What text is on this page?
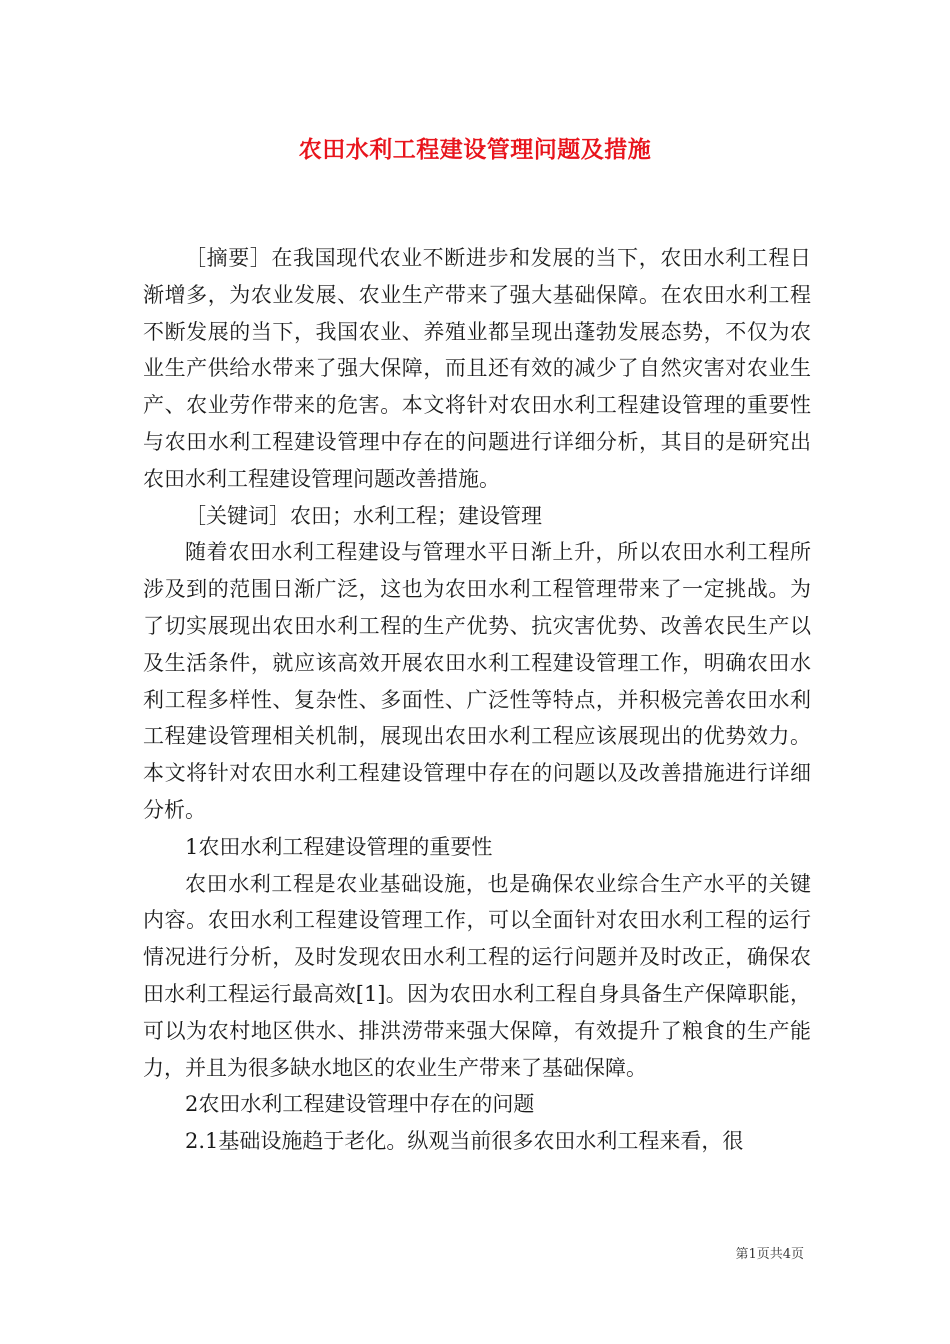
农田水利工程建设管理问题及措施

［摘要］在我国现代农业不断进步和发展的当下，农田水利工程日渐增多，为农业发展、农业生产带来了强大基础保障。在农田水利工程不断发展的当下，我国农业、养殖业都呈现出蓬勃发展态势，不仅为农业生产供给水带来了强大保障，而且还有效的减少了自然灾害对农业生产、农业劳作带来的危害。本文将针对农田水利工程建设管理的重要性与农田水利工程建设管理中存在的问题进行详细分析，其目的是研究出农田水利工程建设管理问题改善措施。

［关键词］农田；水利工程；建设管理

随着农田水利工程建设与管理水平日渐上升，所以农田水利工程所涉及到的范围日渐广泛，这也为农田水利工程管理带来了一定挑战。为了切实展现出农田水利工程的生产优势、抗灾害优势、改善农民生产以及生活条件，就应该高效开展农田水利工程建设管理工作，明确农田水利工程多样性、复杂性、多面性、广泛性等特点，并积极完善农田水利工程建设管理相关机制，展现出农田水利工程应该展现出的优势效力。本文将针对农田水利工程建设管理中存在的问题以及改善措施进行详细分析。

1农田水利工程建设管理的重要性

农田水利工程是农业基础设施，也是确保农业综合生产水平的关键内容。农田水利工程建设管理工作，可以全面针对农田水利工程的运行情况进行分析，及时发现农田水利工程的运行问题并及时改正，确保农田水利工程运行最高效[1]。因为农田水利工程自身具备生产保障职能，可以为农村地区供水、排洪涝带来强大保障，有效提升了粮食的生产能力，并且为很多缺水地区的农业生产带来了基础保障。

2农田水利工程建设管理中存在的问题

2.1基础设施趋于老化。纵观当前很多农田水利工程来看，很

第1页共4页
